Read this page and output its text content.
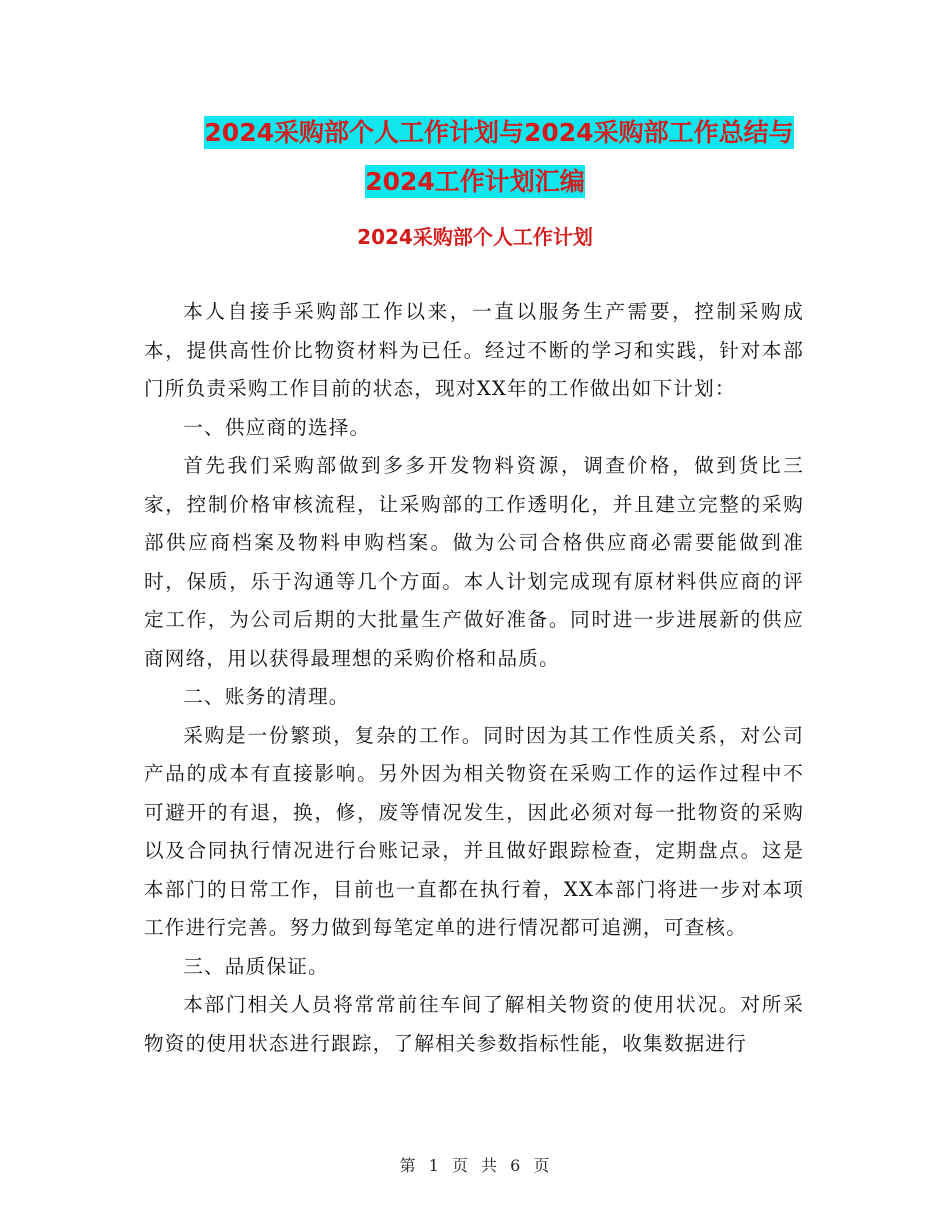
2024采购部个人工作计划与2024采购部工作总结与
2024工作计划汇编
2024采购部个人工作计划

本人自接手采购部工作以来，一直以服务生产需要，控制采购成本，提供高性价比物资材料为已任。经过不断的学习和实践，针对本部门所负责采购工作目前的状态，现对XX年的工作做出如下计划：

一、供应商的选择。

首先我们采购部做到多多开发物料资源，调查价格，做到货比三家，控制价格审核流程，让采购部的工作透明化，并且建立完整的采购部供应商档案及物料申购档案。做为公司合格供应商必需要能做到准时，保质，乐于沟通等几个方面。本人计划完成现有原材料供应商的评定工作，为公司后期的大批量生产做好准备。同时进一步进展新的供应商网络，用以获得最理想的采购价格和品质。

二、账务的清理。

采购是一份繁琐，复杂的工作。同时因为其工作性质关系，对公司产品的成本有直接影响。另外因为相关物资在采购工作的运作过程中不可避开的有退，换，修，废等情况发生，因此必须对每一批物资的采购以及合同执行情况进行台账记录，并且做好跟踪检查，定期盘点。这是本部门的日常工作，目前也一直都在执行着，XX本部门将进一步对本项工作进行完善。努力做到每笔定单的进行情况都可追溯，可查核。

三、品质保证。

本部门相关人员将常常前往车间了解相关物资的使用状况。对所采物资的使用状态进行跟踪，了解相关参数指标性能，收集数据进行

第 1 页 共 6 页
